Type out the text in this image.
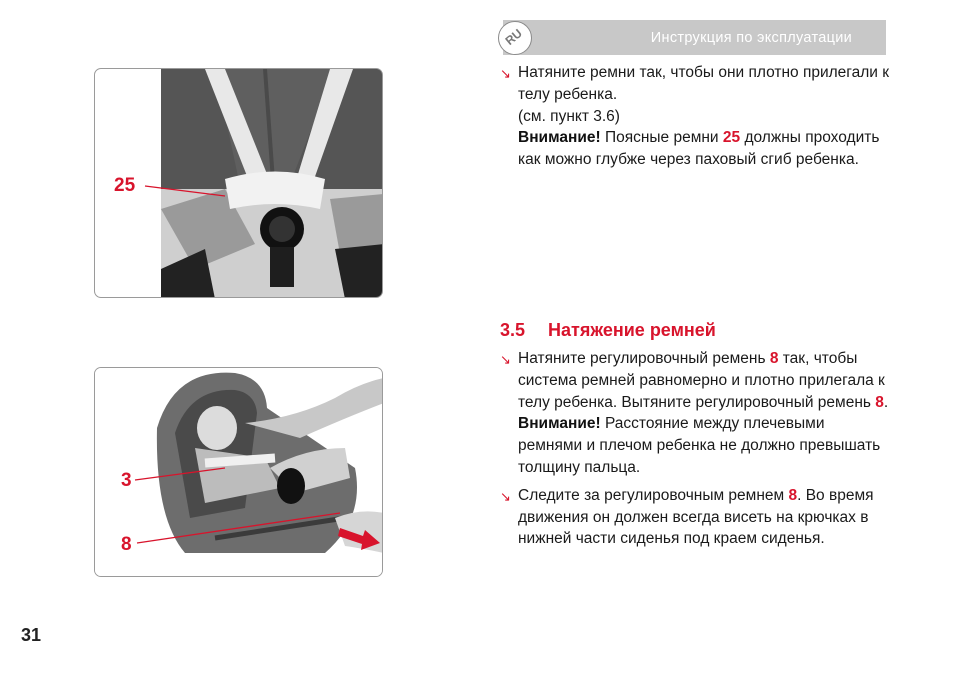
Инструкция по эксплуатации
RU
25
3
8
↘ Натяните ремни так, чтобы они плотно прилегали к телу ребенка.
(см. пункт 3.6)
Внимание! Поясные ремни 25 должны проходить как можно глубже через паховый сгиб ребенка.
3.5 Натяжение ремней
↘ Натяните регулировочный ремень 8 так, чтобы система ремней равномерно и плотно прилегала к телу ребенка. Вытяните регулировочный ремень 8.
Внимание! Расстояние между плечевыми ремнями и плечом ребенка не должно превышать толщину пальца.
↘ Следите за регулировочным ремнем 8. Во время движения он должен всегда висеть на крючках в нижней части сиденья под краем сиденья.
31
